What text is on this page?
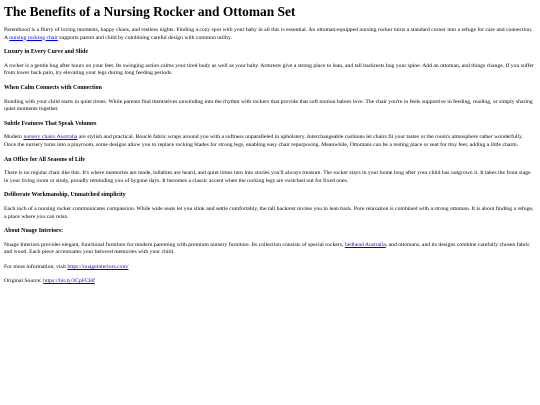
The Benefits of a Nursing Rocker and Ottoman Set

Parenthood is a flurry of loving moments, happy chaos, and restless nights. Finding a cozy spot with your baby in all this is essential. An ottoman-equipped nursing rocker turns a standard corner into a refuge for care and connection. A nursing rocking chair supports parent and child by combining careful design with common utility.

Luxury in Every Curve and Slide

A rocker is a gentle hug after hours on your feet. Its swinging action calms your tired body as well as your baby. Armrests give a strong place to lean, and tall backrests hug your spine. Add an ottoman, and things change. If you suffer from lower back pain, try elevating your legs during long feeding periods.

When Calm Connects with Connection

Bonding with your child starts in quiet times. While parents find themselves unwinding into the rhythm with rockers that provide that soft motion babies love. The chair you're in feels supportive in feeding, reading, or simply sharing quiet moments together.

Subtle Features That Speak Volumes

Modern nursery chairs Australia are stylish and practical. Bouclé fabric wraps around you with a softness unparalleled in upholstery. Interchangeable cushions let chairs fit your tastes or the room's atmosphere rather wonderfully. Once the nursery turns into a playroom, some designs allow you to replace rocking blades for strong legs, enabling easy chair repurposing. Meanwhile, Ottomans can be a resting place or seat for tiny feet, adding a little charm.

An Office for All Seasons of Life

There is no regular chair like this. It's where memories are made, lullabies are heard, and quiet times turn into stories you'll always treasure. The rocker stays in your home long after your child has outgrown it. It takes the front stage in your living room or study, proudly reminding you of bygone days. It becomes a classic accent when the rocking legs are switched out for fixed ones.

Deliberate Workmanship, Unmatched simplicity

Each inch of a nursing rocker communicates compassion. While wide seats let you slink and settle comfortably, the tall backrest invites you to lean back. Pure relaxation is combined with a strong ottoman. It is about finding a refuge, a place where you can relax.

About Nuage Interiors:

Nuage Interiors provides elegant, functional furniture for modern parenting with premium nursery furniture. Its collection consists of special rockers, bedhead Australia, and ottomans, and its designs combine carefully chosen fabric and wood. Each piece accentuates your beloved memories with your child.

For more information, visit https://nuageinteriors.com/

Original Source: https://bit.ly/3CpFCHf
